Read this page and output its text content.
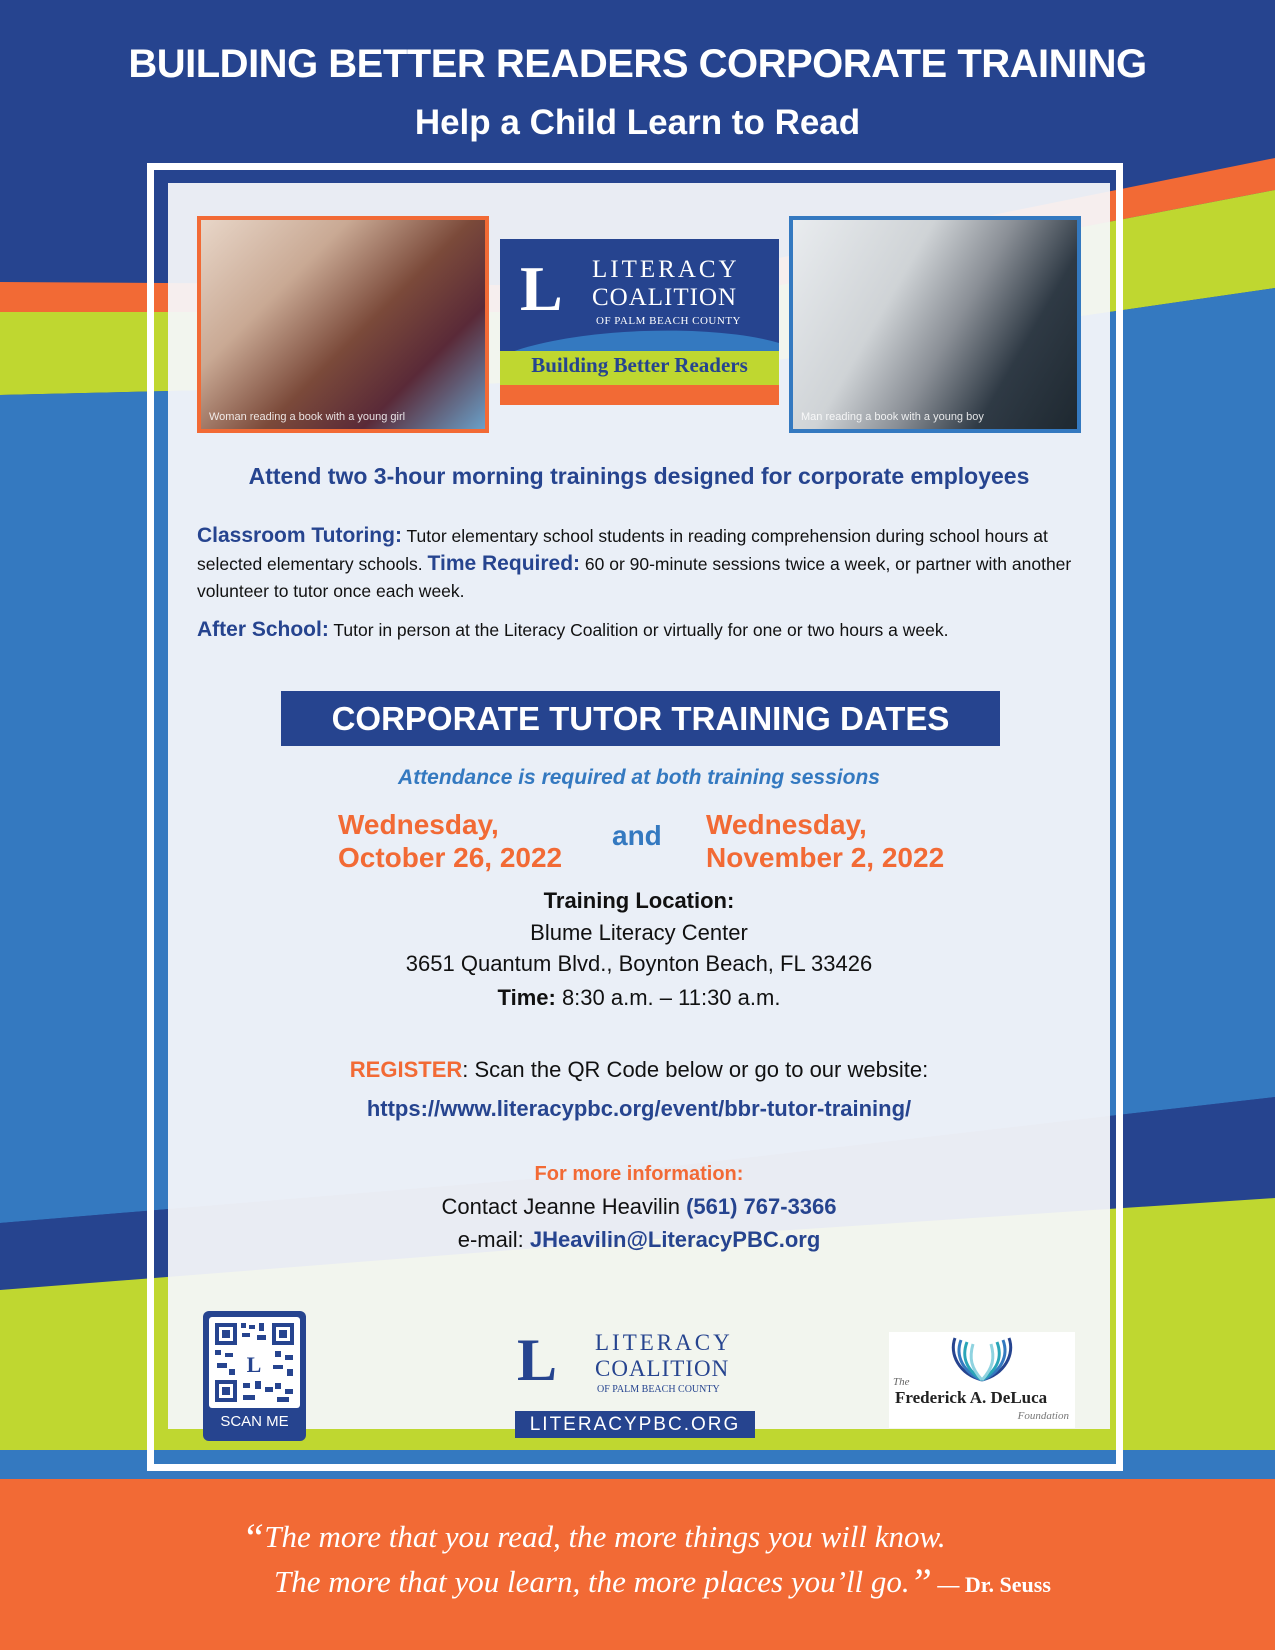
BUILDING BETTER READERS CORPORATE TRAINING
Help a Child Learn to Read
Woman reading a book with a young girl	Man reading a book with a young boy
L LITERACY
COALITION
OF PALM BEACH COUNTY
Building Better Readers
Attend two 3-hour morning trainings designed for corporate employees
Classroom Tutoring: Tutor elementary school students in reading comprehension during school hours at selected elementary schools. Time Required: 60 or 90-minute sessions twice a week, or partner with another volunteer to tutor once each week.
After School: Tutor in person at the Literacy Coalition or virtually for one or two hours a week.
CORPORATE TUTOR TRAINING DATES
Attendance is required at both training sessions
Wednesday,
October 26, 2022
and Wednesday,
November 2, 2022
Training Location:
Blume Literacy Center
3651 Quantum Blvd., Boynton Beach, FL 33426
Time: 8:30 a.m. – 11:30 a.m.
REGISTER: Scan the QR Code below or go to our website:
https://www.literacypbc.org/event/bbr-tutor-training/
For more information:
Contact Jeanne Heavilin (561) 767-3366
e-mail: JHeavilin@LiteracyPBC.org
L
SCAN ME
L LITERACY
COALITION
OF PALM BEACH COUNTY
LITERACYPBC.ORG
The
Frederick A. DeLuca
Foundation
“The more that you read, the more things you will know.
The more that you learn, the more places you’ll go.” — Dr. Seuss
